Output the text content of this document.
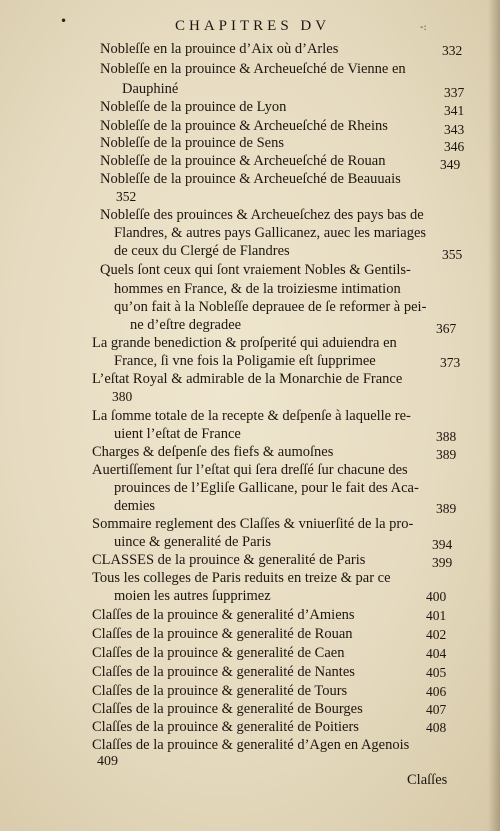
•	CHAPITRES DV	-:
Nobleſſe en la prouince d’Aix où d’Arles	332
Nobleſſe en la prouince & Archeueſché de Vienne en
Dauphiné	337
Nobleſſe de la prouince de Lyon	341
Nobleſſe de la prouince & Archeueſché de Rheins	343
Nobleſſe de la prouince de Sens	346
Nobleſſe de la prouince & Archeueſché de Rouan	349
Nobleſſe de la prouince & Archeueſché de Beauuais
352
Nobleſſe des prouinces & Archeueſchez des pays bas de
Flandres, & autres pays Gallicanez, auec les mariages
de ceux du Clergé de Flandres	355
Quels ſont ceux qui ſont vraiement Nobles & Gentils-
hommes en France, & de la troiziesme intimation
qu’on fait à la Nobleſſe deprauee de ſe reformer à pei-
ne d’eſtre degradee	367
La grande benediction & proſperité qui aduiendra en
France, ſi vne fois la Poligamie eſt ſupprimee	373
L’eſtat Royal & admirable de la Monarchie de France
380
La ſomme totale de la recepte & deſpenſe à laquelle re-
uient l’eſtat de France	388
Charges & deſpenſe des fiefs & aumoſnes	389
Auertiſſement ſur l’eſtat qui ſera dreſſé ſur chacune des
prouinces de l’Egliſe Gallicane, pour le fait des Aca-
demies	389
Sommaire reglement des Claſſes & vniuerſité de la pro-
uince & generalité de Paris	394
CLASSES de la prouince & generalité de Paris	399
Tous les colleges de Paris reduits en treize & par ce
moien les autres ſupprimez	400
Claſſes de la prouince & generalité d’Amiens	401
Claſſes de la prouince & generalité de Rouan	402
Claſſes de la prouince & generalité de Caen	404
Claſſes de la prouince & generalité de Nantes	405
Claſſes de la prouince & generalité de Tours	406
Claſſes de la prouince & generalité de Bourges	407
Claſſes de la prouince & generalité de Poitiers	408
Claſſes de la prouince & generalité d’Agen en Agenois
409
Claſſes
